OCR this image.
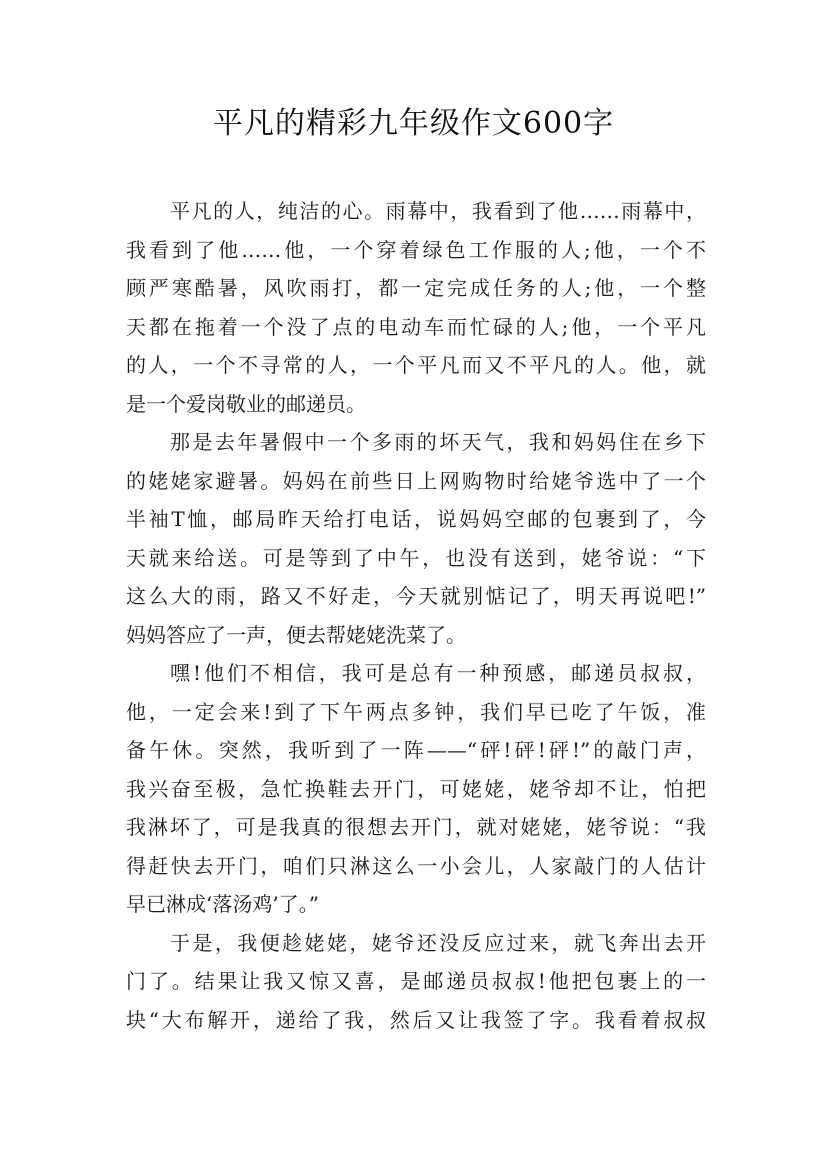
平凡的精彩九年级作文600字
平凡的人，纯洁的心。雨幕中，我看到了他……雨幕中，
我看到了他……他，一个穿着绿色工作服的人;他，一个不
顾严寒酷暑，风吹雨打，都一定完成任务的人;他，一个整
天都在拖着一个没了点的电动车而忙碌的人;他，一个平凡
的人，一个不寻常的人，一个平凡而又不平凡的人。他，就
是一个爱岗敬业的邮递员。
那是去年暑假中一个多雨的坏天气，我和妈妈住在乡下
的姥姥家避暑。妈妈在前些日上网购物时给姥爷选中了一个
半袖T恤，邮局昨天给打电话，说妈妈空邮的包裹到了，今
天就来给送。可是等到了中午，也没有送到，姥爷说：“下
这么大的雨，路又不好走，今天就别惦记了，明天再说吧!”
妈妈答应了一声，便去帮姥姥洗菜了。
嘿!他们不相信，我可是总有一种预感，邮递员叔叔，
他，一定会来!到了下午两点多钟，我们早已吃了午饭，准
备午休。突然，我听到了一阵——“砰!砰!砰!”的敲门声，
我兴奋至极，急忙换鞋去开门，可姥姥，姥爷却不让，怕把
我淋坏了，可是我真的很想去开门，就对姥姥，姥爷说：“我
得赶快去开门，咱们只淋这么一小会儿，人家敲门的人估计
早已淋成‘落汤鸡’了。”
于是，我便趁姥姥，姥爷还没反应过来，就飞奔出去开
门了。结果让我又惊又喜，是邮递员叔叔!他把包裹上的一
块“大布解开，递给了我，然后又让我签了字。我看着叔叔
